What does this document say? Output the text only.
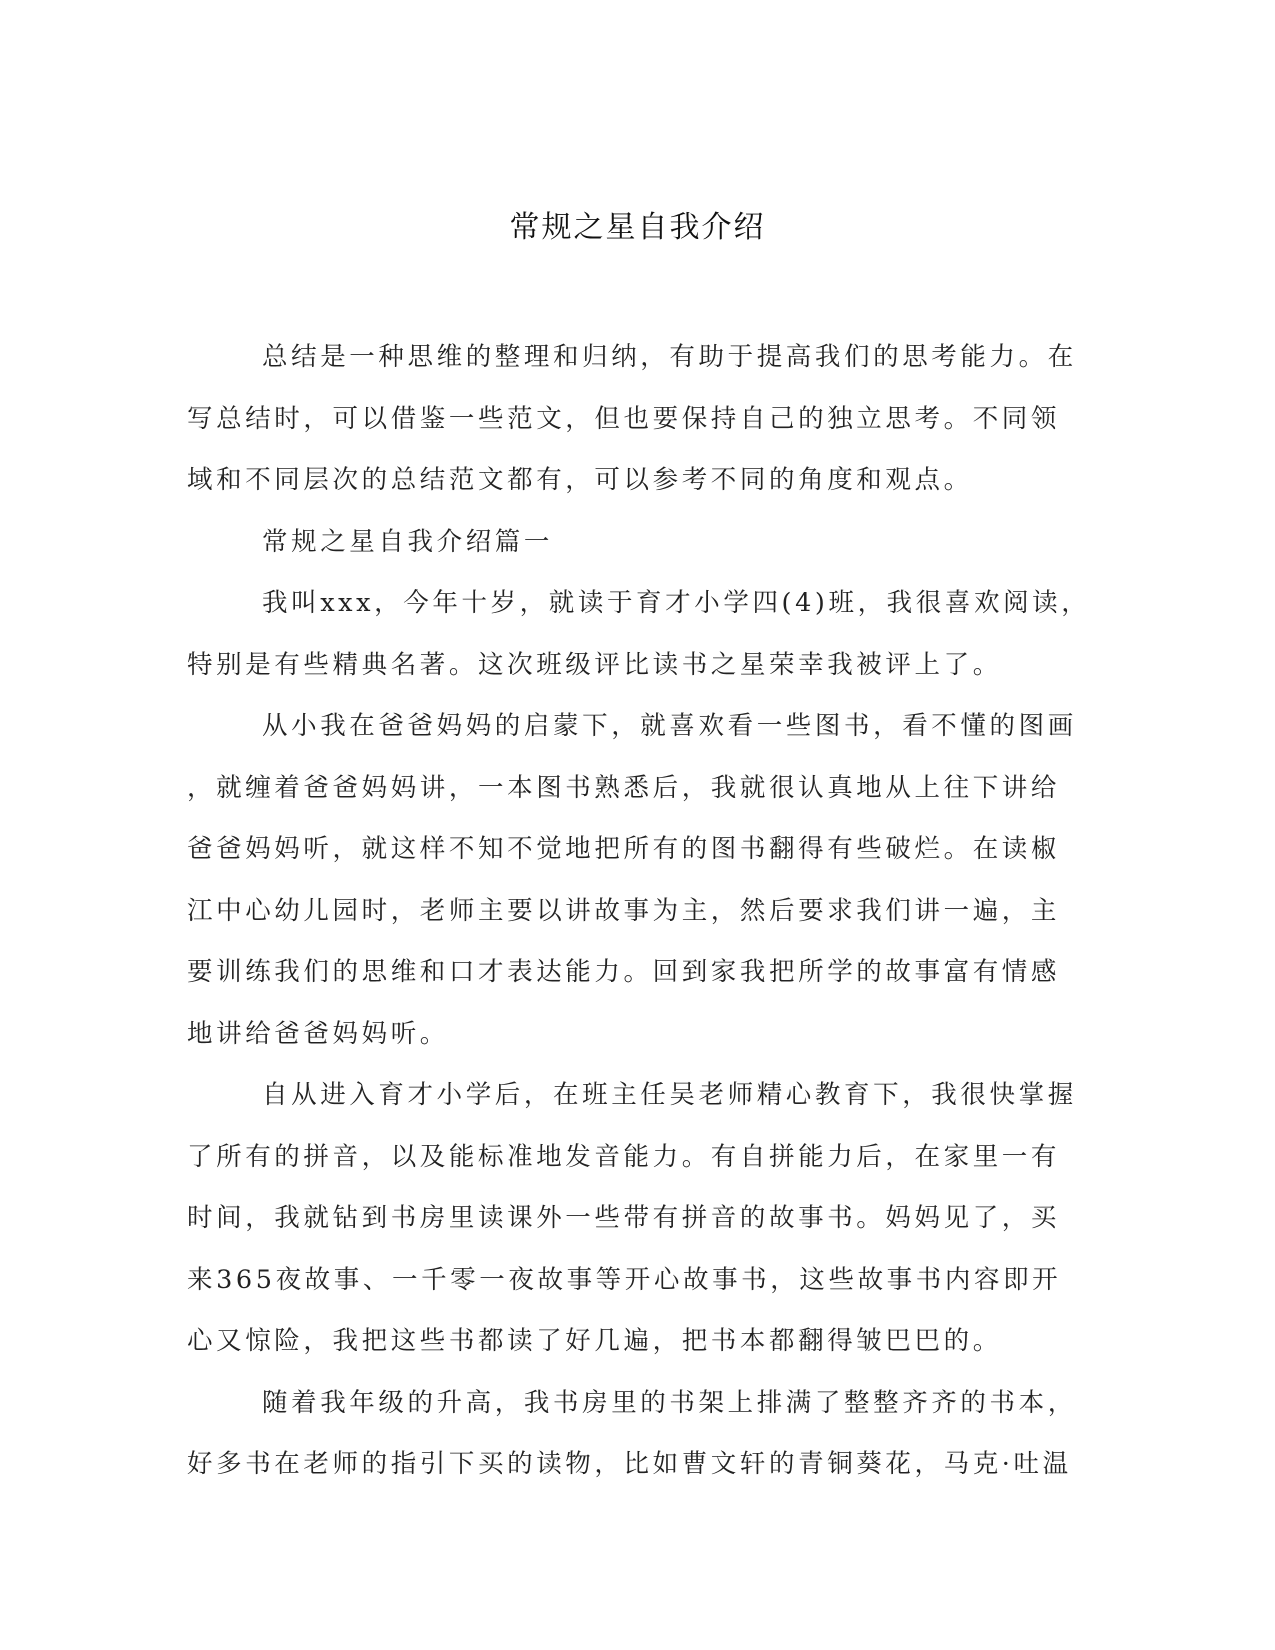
常规之星自我介绍
总结是一种思维的整理和归纳，有助于提高我们的思考能力。在
写总结时，可以借鉴一些范文，但也要保持自己的独立思考。不同领
域和不同层次的总结范文都有，可以参考不同的角度和观点。
常规之星自我介绍篇一
我叫xxx，今年十岁，就读于育才小学四(4)班，我很喜欢阅读，
特别是有些精典名著。这次班级评比读书之星荣幸我被评上了。
从小我在爸爸妈妈的启蒙下，就喜欢看一些图书，看不懂的图画
，就缠着爸爸妈妈讲，一本图书熟悉后，我就很认真地从上往下讲给
爸爸妈妈听，就这样不知不觉地把所有的图书翻得有些破烂。在读椒
江中心幼儿园时，老师主要以讲故事为主，然后要求我们讲一遍，主
要训练我们的思维和口才表达能力。回到家我把所学的故事富有情感
地讲给爸爸妈妈听。
自从进入育才小学后，在班主任吴老师精心教育下，我很快掌握
了所有的拼音，以及能标准地发音能力。有自拼能力后，在家里一有
时间，我就钻到书房里读课外一些带有拼音的故事书。妈妈见了，买
来365夜故事、一千零一夜故事等开心故事书，这些故事书内容即开
心又惊险，我把这些书都读了好几遍，把书本都翻得皱巴巴的。
随着我年级的升高，我书房里的书架上排满了整整齐齐的书本，
好多书在老师的指引下买的读物，比如曹文轩的青铜葵花，马克·吐温
